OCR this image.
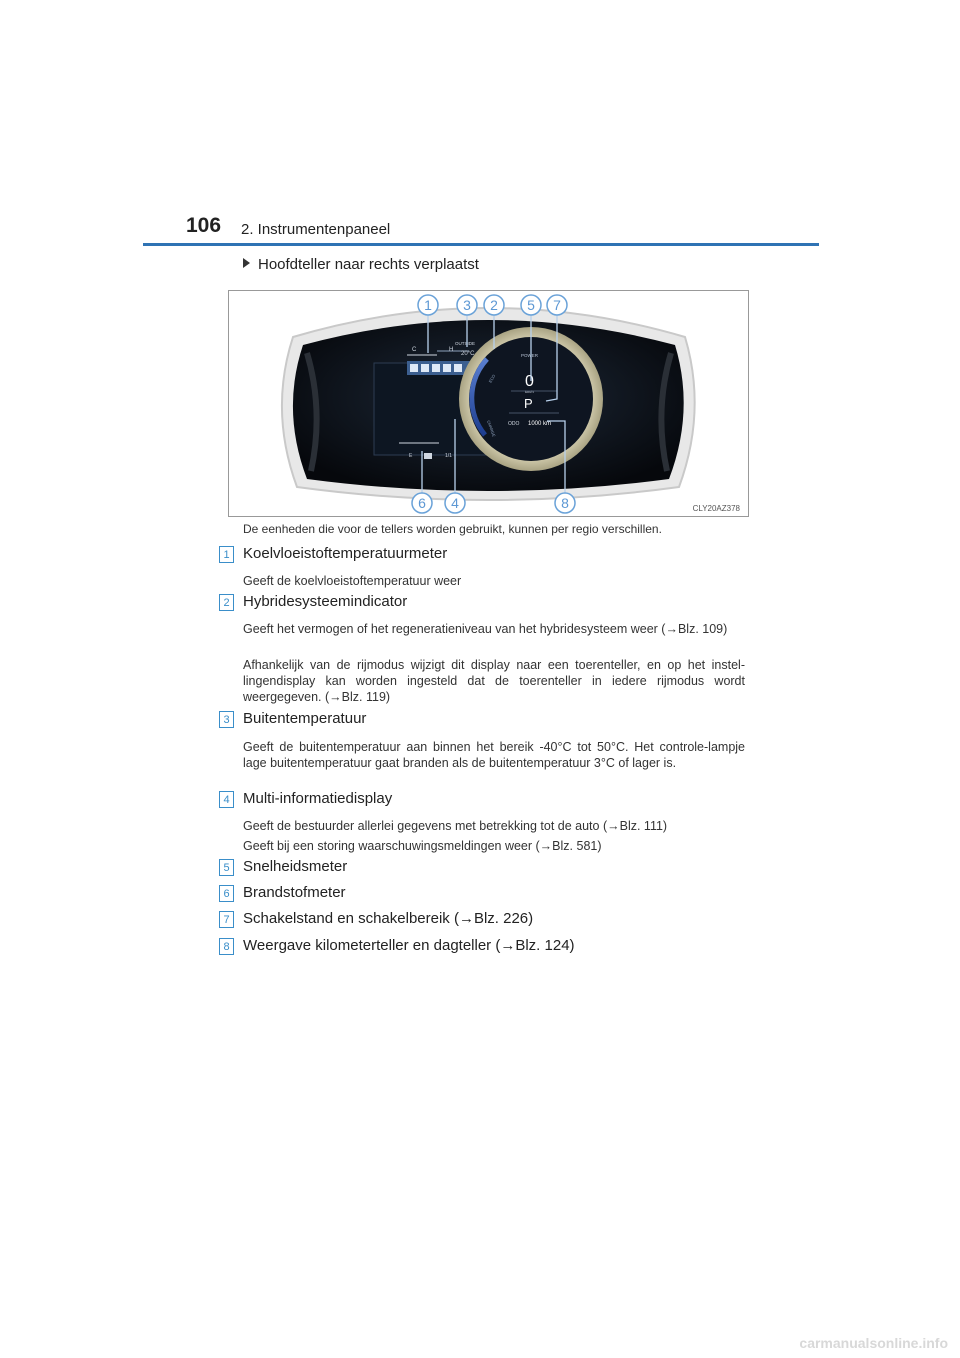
106 2. Instrumentenpaneel
Hoofdteller naar rechts verplaatst
C	H
OUTSIDE
20°C
E	1/1
POWER
ECO
CHARGE
0
km/h
P
ODO 1000 km
1 3 2 5 7
6 4	8	CLY20AZ378
De eenheden die voor de tellers worden gebruikt, kunnen per regio verschillen.
1 Koelvloeistoftemperatuurmeter
Geeft de koelvloeistoftemperatuur weer
2 Hybridesysteemindicator
Geeft het vermogen of het regeneratieniveau van het hybridesysteem weer (→Blz. 109)
Afhankelijk van de rijmodus wijzigt dit display naar een toerenteller, en op het instel-lingendisplay kan worden ingesteld dat de toerenteller in iedere rijmodus wordt weergegeven. (→Blz. 119)
3 Buitentemperatuur
Geeft de buitentemperatuur aan binnen het bereik -40°C tot 50°C. Het controle-lampje lage buitentemperatuur gaat branden als de buitentemperatuur 3°C of lager is.
4 Multi-informatiedisplay
Geeft de bestuurder allerlei gegevens met betrekking tot de auto (→Blz. 111)
Geeft bij een storing waarschuwingsmeldingen weer (→Blz. 581)
5 Snelheidsmeter
6 Brandstofmeter
7 Schakelstand en schakelbereik (→Blz. 226)
8 Weergave kilometerteller en dagteller (→Blz. 124)
carmanualsonline.info
